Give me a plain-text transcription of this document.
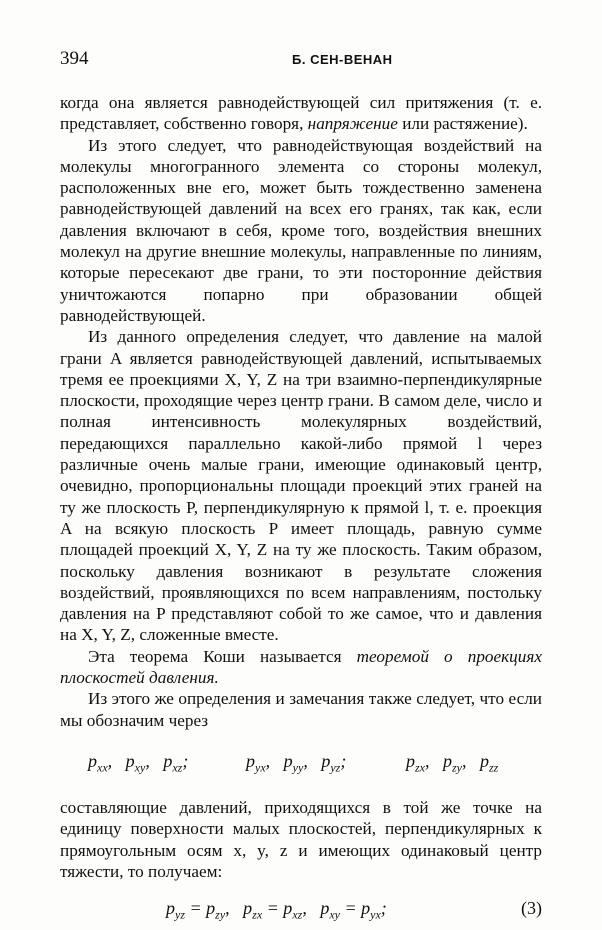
394	Б. СЕН-ВЕНАН

когда она является равнодействующей сил притяжения (т. е. представляет, собственно говоря, напряжение или растяжение).

Из этого следует, что равнодействующая воздействий на молекулы многогранного элемента со стороны молекул, расположенных вне его, может быть тождественно заменена равнодействующей давлений на всех его гранях, так как, если давления включают в себя, кроме того, воздействия внешних молекул на другие внешние молекулы, направленные по линиям, которые пересекают две грани, то эти посторонние действия уничтожаются попарно при образовании общей равнодействующей.

Из данного определения следует, что давление на малой грани A является равнодействующей давлений, испытываемых тремя ее проекциями X, Y, Z на три взаимно-перпендикулярные плоскости, проходящие через центр грани. В самом деле, число и полная интенсивность молекулярных воздействий, передающихся параллельно какой-либо прямой l через различные очень малые грани, имеющие одинаковый центр, очевидно, пропорциональны площади проекций этих граней на ту же плоскость P, перпендикулярную к прямой l, т. е. проекция A на всякую плоскость P имеет площадь, равную сумме площадей проекций X, Y, Z на ту же плоскость. Таким образом, поскольку давления возникают в результате сложения воздействий, проявляющихся по всем направлениям, постольку давления на P представляют собой то же самое, что и давления на X, Y, Z, сложенные вместе.

Эта теорема Коши называется теоремой о проекциях плоскостей давления.

Из этого же определения и замечания также следует, что если мы обозначим через

$p_{xx}$,   $p_{xy}$,   $p_{xz}$;	$p_{yx}$,   $p_{yy}$,   $p_{yz}$;	$p_{zx}$,   $p_{zy}$,   $p_{zz}$

составляющие давлений, приходящихся в той же точке на единицу поверхности малых плоскостей, перпендикулярных к прямоугольным осям x, y, z и имеющих одинаковый центр тяжести, то получаем:

$p_{yz} = p_{zy}$,   $p_{zx} = p_{xz}$,   $p_{xy} = p_{yx}$;	(3)
